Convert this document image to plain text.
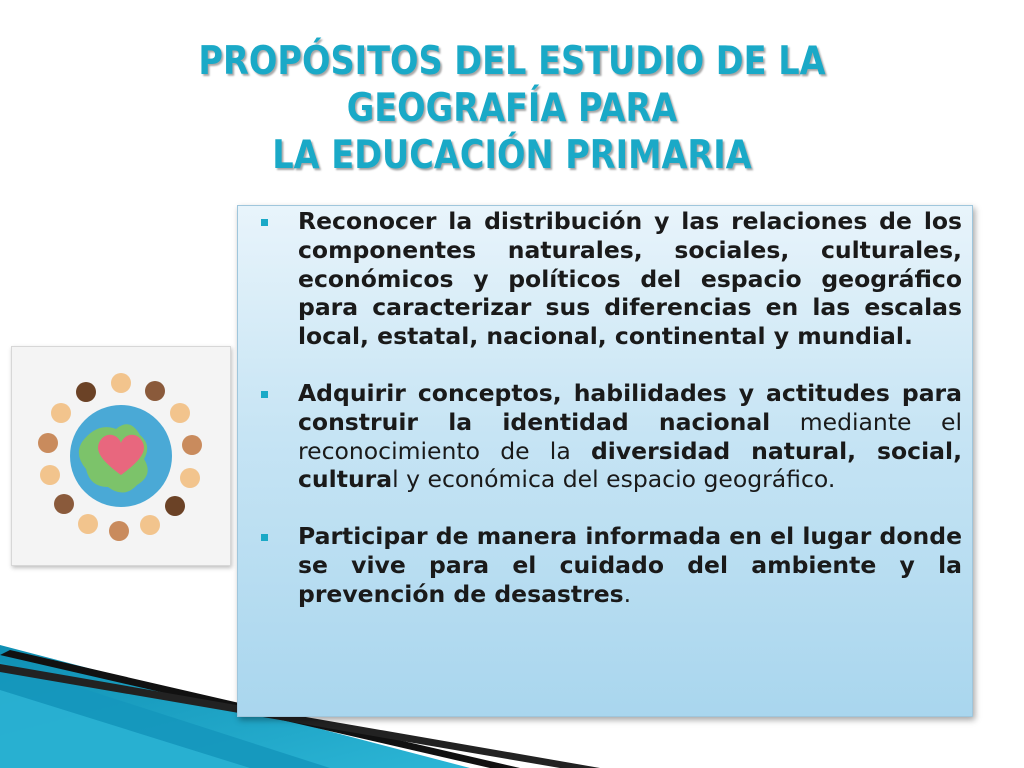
PROPÓSITOS DEL ESTUDIO DE LA GEOGRAFÍA PARA
LA EDUCACIÓN PRIMARIA
Reconocer la distribución y las relaciones de los componentes naturales, sociales, culturales, económicos y políticos del espacio geográfico para caracterizar sus diferencias en las escalas local, estatal, nacional, continental y mundial.
Adquirir conceptos, habilidades y actitudes para construir la identidad nacional mediante el reconocimiento de la diversidad natural, social, cultural y económica del espacio geográfico.
Participar de manera informada en el lugar donde se vive para el cuidado del ambiente y la prevención de desastres.
